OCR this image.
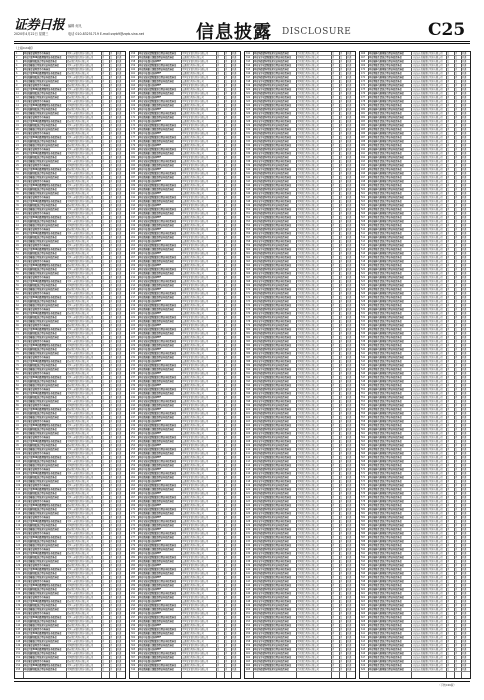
证券日报
2020年4月22日 星期三
编辑 何凡
电话 010-83251719 E-mail:zqrb9@zqrb.sina.net	信息披露 DISCLOSURE	C25
（上接C24版）
1	华安现金富利货币市场基金	中国工商银行股份有限公司	是	否	开通
2	华安沪深300指数增强型证券投资基金	中国建设银行股份有限公司	否	是	开通
3	华安稳健回报混合型证券投资基金	招商银行股份有限公司	是	否	开通
4	华安添颐混合型发起式证券投资基金	中国工商银行股份有限公司	否	是	开通
5	华安现金富利货币市场基金	中国建设银行股份有限公司	是	否	开通
6	华安沪深300指数增强型证券投资基金	招商银行股份有限公司	否	是	开通
7	华安稳健回报混合型证券投资基金	中国工商银行股份有限公司	是	否	开通
8	华安添颐混合型发起式证券投资基金	中国建设银行股份有限公司	否	是	开通
9	华安现金富利货币市场基金	招商银行股份有限公司	是	否	开通
10	华安沪深300指数增强型证券投资基金	中国工商银行股份有限公司	否	是	开通
11	华安稳健回报混合型证券投资基金	中国建设银行股份有限公司	是	否	开通
12	华安添颐混合型发起式证券投资基金	招商银行股份有限公司	否	是	开通
13	华安现金富利货币市场基金	中国工商银行股份有限公司	是	否	开通
14	华安沪深300指数增强型证券投资基金	中国建设银行股份有限公司	否	是	开通
15	华安稳健回报混合型证券投资基金	招商银行股份有限公司	是	否	开通
16	华安添颐混合型发起式证券投资基金	中国工商银行股份有限公司	否	是	开通
17	华安现金富利货币市场基金	中国建设银行股份有限公司	是	否	开通
18	华安沪深300指数增强型证券投资基金	招商银行股份有限公司	否	是	开通
19	华安稳健回报混合型证券投资基金	中国工商银行股份有限公司	是	否	开通
20	华安添颐混合型发起式证券投资基金	中国建设银行股份有限公司	否	是	开通
21	华安现金富利货币市场基金	招商银行股份有限公司	是	否	开通
22	华安沪深300指数增强型证券投资基金	中国工商银行股份有限公司	否	是	开通
23	华安稳健回报混合型证券投资基金	中国建设银行股份有限公司	是	否	开通
24	华安添颐混合型发起式证券投资基金	招商银行股份有限公司	否	是	开通
25	华安现金富利货币市场基金	中国工商银行股份有限公司	是	否	开通
26	华安沪深300指数增强型证券投资基金	中国建设银行股份有限公司	否	是	开通
27	华安稳健回报混合型证券投资基金	招商银行股份有限公司	是	否	开通
28	华安添颐混合型发起式证券投资基金	中国工商银行股份有限公司	否	是	开通
29	华安现金富利货币市场基金	中国建设银行股份有限公司	是	否	开通
30	华安沪深300指数增强型证券投资基金	招商银行股份有限公司	否	是	开通
31	华安稳健回报混合型证券投资基金	中国工商银行股份有限公司	是	否	开通
32	华安添颐混合型发起式证券投资基金	中国建设银行股份有限公司	否	是	开通
33	华安现金富利货币市场基金	招商银行股份有限公司	是	否	开通
34	华安沪深300指数增强型证券投资基金	中国工商银行股份有限公司	否	是	开通
35	华安稳健回报混合型证券投资基金	中国建设银行股份有限公司	是	否	开通
36	华安添颐混合型发起式证券投资基金	招商银行股份有限公司	否	是	开通
37	华安现金富利货币市场基金	中国工商银行股份有限公司	是	否	开通
38	华安沪深300指数增强型证券投资基金	中国建设银行股份有限公司	否	是	开通
39	华安稳健回报混合型证券投资基金	招商银行股份有限公司	是	否	开通
40	华安添颐混合型发起式证券投资基金	中国工商银行股份有限公司	否	是	开通
41	华安现金富利货币市场基金	中国建设银行股份有限公司	是	否	开通
42	华安沪深300指数增强型证券投资基金	招商银行股份有限公司	否	是	开通
43	华安稳健回报混合型证券投资基金	中国工商银行股份有限公司	是	否	开通
44	华安添颐混合型发起式证券投资基金	中国建设银行股份有限公司	否	是	开通
45	华安现金富利货币市场基金	招商银行股份有限公司	是	否	开通
46	华安沪深300指数增强型证券投资基金	中国工商银行股份有限公司	否	是	开通
47	华安稳健回报混合型证券投资基金	中国建设银行股份有限公司	是	否	开通
48	华安添颐混合型发起式证券投资基金	招商银行股份有限公司	否	是	开通
49	华安现金富利货币市场基金	中国工商银行股份有限公司	是	否	开通
50	华安沪深300指数增强型证券投资基金	中国建设银行股份有限公司	否	是	开通
51	华安稳健回报混合型证券投资基金	招商银行股份有限公司	是	否	开通
52	华安添颐混合型发起式证券投资基金	中国工商银行股份有限公司	否	是	开通
53	华安现金富利货币市场基金	中国建设银行股份有限公司	是	否	开通
54	华安沪深300指数增强型证券投资基金	招商银行股份有限公司	否	是	开通
55	华安稳健回报混合型证券投资基金	中国工商银行股份有限公司	是	否	开通
56	华安添颐混合型发起式证券投资基金	中国建设银行股份有限公司	否	是	开通
57	华安现金富利货币市场基金	招商银行股份有限公司	是	否	开通
58	华安沪深300指数增强型证券投资基金	中国工商银行股份有限公司	否	是	开通
59	华安稳健回报混合型证券投资基金	中国建设银行股份有限公司	是	否	开通
60	华安添颐混合型发起式证券投资基金	招商银行股份有限公司	否	是	开通
61	华安现金富利货币市场基金	中国工商银行股份有限公司	是	否	开通
62	华安沪深300指数增强型证券投资基金	中国建设银行股份有限公司	否	是	开通
63	华安稳健回报混合型证券投资基金	招商银行股份有限公司	是	否	开通
64	华安添颐混合型发起式证券投资基金	中国工商银行股份有限公司	否	是	开通
65	华安现金富利货币市场基金	中国建设银行股份有限公司	是	否	开通
66	华安沪深300指数增强型证券投资基金	招商银行股份有限公司	否	是	开通
67	华安稳健回报混合型证券投资基金	中国工商银行股份有限公司	是	否	开通
68	华安添颐混合型发起式证券投资基金	中国建设银行股份有限公司	否	是	开通
69	华安现金富利货币市场基金	招商银行股份有限公司	是	否	开通
70	华安沪深300指数增强型证券投资基金	中国工商银行股份有限公司	否	是	开通
71	华安稳健回报混合型证券投资基金	中国建设银行股份有限公司	是	否	开通
72	华安添颐混合型发起式证券投资基金	招商银行股份有限公司	否	是	开通
73	华安现金富利货币市场基金	中国工商银行股份有限公司	是	否	开通
74	华安沪深300指数增强型证券投资基金	中国建设银行股份有限公司	否	是	开通
75	华安稳健回报混合型证券投资基金	招商银行股份有限公司	是	否	开通
76	华安添颐混合型发起式证券投资基金	中国工商银行股份有限公司	否	是	开通
77	华安现金富利货币市场基金	中国建设银行股份有限公司	是	否	开通
78	华安沪深300指数增强型证券投资基金	招商银行股份有限公司	否	是	开通
79	华安稳健回报混合型证券投资基金	中国工商银行股份有限公司	是	否	开通
80	华安添颐混合型发起式证券投资基金	中国建设银行股份有限公司	否	是	开通
81	华安现金富利货币市场基金	招商银行股份有限公司	是	否	开通
82	华安沪深300指数增强型证券投资基金	中国工商银行股份有限公司	否	是	开通
83	华安稳健回报混合型证券投资基金	中国建设银行股份有限公司	是	否	开通
84	华安添颐混合型发起式证券投资基金	招商银行股份有限公司	否	是	开通
85	华安现金富利货币市场基金	中国工商银行股份有限公司	是	否	开通
86	华安沪深300指数增强型证券投资基金	中国建设银行股份有限公司	否	是	开通
87	华安稳健回报混合型证券投资基金	招商银行股份有限公司	是	否	开通
88	华安添颐混合型发起式证券投资基金	中国工商银行股份有限公司	否	是	开通
89	华安现金富利货币市场基金	中国建设银行股份有限公司	是	否	开通
90	华安沪深300指数增强型证券投资基金	招商银行股份有限公司	否	是	开通
91	华安稳健回报混合型证券投资基金	中国工商银行股份有限公司	是	否	开通
92	华安添颐混合型发起式证券投资基金	中国建设银行股份有限公司	否	是	开通
93	华安现金富利货币市场基金	招商银行股份有限公司	是	否	开通
94	华安沪深300指数增强型证券投资基金	中国工商银行股份有限公司	否	是	开通
95	华安稳健回报混合型证券投资基金	中国建设银行股份有限公司	是	否	开通
96	华安添颐混合型发起式证券投资基金	招商银行股份有限公司	否	是	开通
97	华安现金富利货币市场基金	中国工商银行股份有限公司	是	否	开通
98	华安沪深300指数增强型证券投资基金	中国建设银行股份有限公司	否	是	开通
99	华安稳健回报混合型证券投资基金	招商银行股份有限公司	是	否	开通
100	华安添颐混合型发起式证券投资基金	中国工商银行股份有限公司	否	是	开通
101	华安现金富利货币市场基金	中国建设银行股份有限公司	是	否	开通
102	华安沪深300指数增强型证券投资基金	招商银行股份有限公司	否	是	开通
103	华安稳健回报混合型证券投资基金	中国工商银行股份有限公司	是	否	开通
104	华安添颐混合型发起式证券投资基金	中国建设银行股份有限公司	否	是	开通
105	华安现金富利货币市场基金	招商银行股份有限公司	是	否	开通
106	华安沪深300指数增强型证券投资基金	中国工商银行股份有限公司	否	是	开通
107	华安稳健回报混合型证券投资基金	中国建设银行股份有限公司	是	否	开通
108	华安添颐混合型发起式证券投资基金	招商银行股份有限公司	否	是	开通
109	华安现金富利货币市场基金	中国工商银行股份有限公司	是	否	开通
110	华安沪深300指数增强型证券投资基金	中国建设银行股份有限公司	否	是	开通
111	华安稳健回报混合型证券投资基金	招商银行股份有限公司	是	否	开通
112	华安添颐混合型发起式证券投资基金	中国工商银行股份有限公司	否	是	开通
113	华安现金富利货币市场基金	中国建设银行股份有限公司	是	否	开通
114	华安沪深300指数增强型证券投资基金	招商银行股份有限公司	否	是	开通
115	华安稳健回报混合型证券投资基金	中国工商银行股份有限公司	是	否	开通
116	华安添颐混合型发起式证券投资基金	中国建设银行股份有限公司	否	是	开通
117	华安现金富利货币市场基金	招商银行股份有限公司	是	否	开通
118	华安沪深300指数增强型证券投资基金	中国工商银行股份有限公司	否	是	开通
119	华安稳健回报混合型证券投资基金	中国建设银行股份有限公司	是	否	开通
120	华安添颐混合型发起式证券投资基金	招商银行股份有限公司	否	是	开通
121	华安现金富利货币市场基金	中国工商银行股份有限公司	是	否	开通
122	华安沪深300指数增强型证券投资基金	中国建设银行股份有限公司	否	是	开通
123	华安稳健回报混合型证券投资基金	招商银行股份有限公司	是	否	开通
124	华安添颐混合型发起式证券投资基金	中国工商银行股份有限公司	否	是	开通
125	华安现金富利货币市场基金	中国建设银行股份有限公司	是	否	开通
126	华安沪深300指数增强型证券投资基金	招商银行股份有限公司	否	是	开通
127	华安稳健回报混合型证券投资基金	中国工商银行股份有限公司	是	否	开通
128	华安添颐混合型发起式证券投资基金	中国建设银行股份有限公司	否	是	开通
129	华安现金富利货币市场基金	招商银行股份有限公司	是	否	开通
130	华安沪深300指数增强型证券投资基金	中国工商银行股份有限公司	否	是	开通
131	华安稳健回报混合型证券投资基金	中国建设银行股份有限公司	是	否	开通
132	华安添颐混合型发起式证券投资基金	招商银行股份有限公司	否	是	开通
133	华安现金富利货币市场基金	中国工商银行股份有限公司	是	否	开通
134	华安沪深300指数增强型证券投资基金	中国建设银行股份有限公司	否	是	开通
135	华安稳健回报混合型证券投资基金	招商银行股份有限公司	是	否	开通
136	华安添颐混合型发起式证券投资基金	中国工商银行股份有限公司	否	是	开通
137	华安现金富利货币市场基金	中国建设银行股份有限公司	是	否	开通
138	华安沪深300指数增强型证券投资基金	招商银行股份有限公司	否	是	开通
139	华安稳健回报混合型证券投资基金	中国工商银行股份有限公司	是	否	开通
140	华安添颐混合型发起式证券投资基金	中国建设银行股份有限公司	否	是	开通
141	华安现金富利货币市场基金	招商银行股份有限公司	是	否	开通
142	华安沪深300指数增强型证券投资基金	中国工商银行股份有限公司	否	是	开通
143	华安稳健回报混合型证券投资基金	中国建设银行股份有限公司	是	否	开通
144	华安添颐混合型发起式证券投资基金	招商银行股份有限公司	否	是	开通
145	华安现金富利货币市场基金	中国工商银行股份有限公司	是	否	开通
146	华安沪深300指数增强型证券投资基金	中国建设银行股份有限公司	否	是	开通
147	华安稳健回报混合型证券投资基金	招商银行股份有限公司	是	否	开通
148	华安添颐混合型发起式证券投资基金	中国工商银行股份有限公司	否	是	开通
149	华安现金富利货币市场基金	中国建设银行股份有限公司	是	否	开通
150	华安沪深300指数增强型证券投资基金	招商银行股份有限公司	否	是	开通
151	华安稳健回报混合型证券投资基金	中国工商银行股份有限公司	是	否	开通
152	华安添颐混合型发起式证券投资基金	中国建设银行股份有限公司	否	是	开通
153	华安现金富利货币市场基金	招商银行股份有限公司	是	否	开通
154	华安沪深300指数增强型证券投资基金	中国工商银行股份有限公司	否	是	开通
155	华安稳健回报混合型证券投资基金	中国建设银行股份有限公司	是	否	开通
156	华安安康灵活配置混合型证券投资基金	中国农业银行股份有限公司	是	否	开通
157	华安新丝路主题股票型证券投资基金	交通银行股份有限公司	否	是	开通
158	华安中证细分医药ETF	中国农业银行股份有限公司	是	否	开通
159	华安安康灵活配置混合型证券投资基金	交通银行股份有限公司	否	是	开通
160	华安新丝路主题股票型证券投资基金	中国农业银行股份有限公司	是	否	开通
161	华安中证细分医药ETF	交通银行股份有限公司	否	是	开通
162	华安安康灵活配置混合型证券投资基金	中国农业银行股份有限公司	是	否	开通
163	华安新丝路主题股票型证券投资基金	交通银行股份有限公司	否	是	开通
164	华安中证细分医药ETF	中国农业银行股份有限公司	是	否	开通
165	华安安康灵活配置混合型证券投资基金	交通银行股份有限公司	否	是	开通
166	华安新丝路主题股票型证券投资基金	中国农业银行股份有限公司	是	否	开通
167	华安中证细分医药ETF	交通银行股份有限公司	否	是	开通
168	华安安康灵活配置混合型证券投资基金	中国农业银行股份有限公司	是	否	开通
169	华安新丝路主题股票型证券投资基金	交通银行股份有限公司	否	是	开通
170	华安中证细分医药ETF	中国农业银行股份有限公司	是	否	开通
171	华安安康灵活配置混合型证券投资基金	交通银行股份有限公司	否	是	开通
172	华安新丝路主题股票型证券投资基金	中国农业银行股份有限公司	是	否	开通
173	华安中证细分医药ETF	交通银行股份有限公司	否	是	开通
174	华安安康灵活配置混合型证券投资基金	中国农业银行股份有限公司	是	否	开通
175	华安新丝路主题股票型证券投资基金	交通银行股份有限公司	否	是	开通
176	华安中证细分医药ETF	中国农业银行股份有限公司	是	否	开通
177	华安安康灵活配置混合型证券投资基金	交通银行股份有限公司	否	是	开通
178	华安新丝路主题股票型证券投资基金	中国农业银行股份有限公司	是	否	开通
179	华安中证细分医药ETF	交通银行股份有限公司	否	是	开通
180	华安安康灵活配置混合型证券投资基金	中国农业银行股份有限公司	是	否	开通
181	华安新丝路主题股票型证券投资基金	交通银行股份有限公司	否	是	开通
182	华安中证细分医药ETF	中国农业银行股份有限公司	是	否	开通
183	华安安康灵活配置混合型证券投资基金	交通银行股份有限公司	否	是	开通
184	华安新丝路主题股票型证券投资基金	中国农业银行股份有限公司	是	否	开通
185	华安中证细分医药ETF	交通银行股份有限公司	否	是	开通
186	华安安康灵活配置混合型证券投资基金	中国农业银行股份有限公司	是	否	开通
187	华安新丝路主题股票型证券投资基金	交通银行股份有限公司	否	是	开通
188	华安中证细分医药ETF	中国农业银行股份有限公司	是	否	开通
189	华安安康灵活配置混合型证券投资基金	交通银行股份有限公司	否	是	开通
190	华安新丝路主题股票型证券投资基金	中国农业银行股份有限公司	是	否	开通
191	华安中证细分医药ETF	交通银行股份有限公司	否	是	开通
192	华安安康灵活配置混合型证券投资基金	中国农业银行股份有限公司	是	否	开通
193	华安新丝路主题股票型证券投资基金	交通银行股份有限公司	否	是	开通
194	华安中证细分医药ETF	中国农业银行股份有限公司	是	否	开通
195	华安安康灵活配置混合型证券投资基金	交通银行股份有限公司	否	是	开通
196	华安新丝路主题股票型证券投资基金	中国农业银行股份有限公司	是	否	开通
197	华安中证细分医药ETF	交通银行股份有限公司	否	是	开通
198	华安安康灵活配置混合型证券投资基金	中国农业银行股份有限公司	是	否	开通
199	华安新丝路主题股票型证券投资基金	交通银行股份有限公司	否	是	开通
200	华安中证细分医药ETF	中国农业银行股份有限公司	是	否	开通
201	华安安康灵活配置混合型证券投资基金	交通银行股份有限公司	否	是	开通
202	华安新丝路主题股票型证券投资基金	中国农业银行股份有限公司	是	否	开通
203	华安中证细分医药ETF	交通银行股份有限公司	否	是	开通
204	华安安康灵活配置混合型证券投资基金	中国农业银行股份有限公司	是	否	开通
205	华安新丝路主题股票型证券投资基金	交通银行股份有限公司	否	是	开通
206	华安中证细分医药ETF	中国农业银行股份有限公司	是	否	开通
207	华安安康灵活配置混合型证券投资基金	交通银行股份有限公司	否	是	开通
208	华安新丝路主题股票型证券投资基金	中国农业银行股份有限公司	是	否	开通
209	华安中证细分医药ETF	交通银行股份有限公司	否	是	开通
210	华安安康灵活配置混合型证券投资基金	中国农业银行股份有限公司	是	否	开通
211	华安新丝路主题股票型证券投资基金	交通银行股份有限公司	否	是	开通
212	华安中证细分医药ETF	中国农业银行股份有限公司	是	否	开通
213	华安安康灵活配置混合型证券投资基金	交通银行股份有限公司	否	是	开通
214	华安新丝路主题股票型证券投资基金	中国农业银行股份有限公司	是	否	开通
215	华安中证细分医药ETF	交通银行股份有限公司	否	是	开通
216	华安安康灵活配置混合型证券投资基金	中国农业银行股份有限公司	是	否	开通
217	华安新丝路主题股票型证券投资基金	交通银行股份有限公司	否	是	开通
218	华安中证细分医药ETF	中国农业银行股份有限公司	是	否	开通
219	华安安康灵活配置混合型证券投资基金	交通银行股份有限公司	否	是	开通
220	华安新丝路主题股票型证券投资基金	中国农业银行股份有限公司	是	否	开通
221	华安中证细分医药ETF	交通银行股份有限公司	否	是	开通
222	华安安康灵活配置混合型证券投资基金	中国农业银行股份有限公司	是	否	开通
223	华安新丝路主题股票型证券投资基金	交通银行股份有限公司	否	是	开通
224	华安中证细分医药ETF	中国农业银行股份有限公司	是	否	开通
225	华安安康灵活配置混合型证券投资基金	交通银行股份有限公司	否	是	开通
226	华安新丝路主题股票型证券投资基金	中国农业银行股份有限公司	是	否	开通
227	华安中证细分医药ETF	交通银行股份有限公司	否	是	开通
228	华安安康灵活配置混合型证券投资基金	中国农业银行股份有限公司	是	否	开通
229	华安新丝路主题股票型证券投资基金	交通银行股份有限公司	否	是	开通
230	华安中证细分医药ETF	中国农业银行股份有限公司	是	否	开通
231	华安安康灵活配置混合型证券投资基金	交通银行股份有限公司	否	是	开通
232	华安新丝路主题股票型证券投资基金	中国农业银行股份有限公司	是	否	开通
233	华安中证细分医药ETF	交通银行股份有限公司	否	是	开通
234	华安安康灵活配置混合型证券投资基金	中国农业银行股份有限公司	是	否	开通
235	华安新丝路主题股票型证券投资基金	交通银行股份有限公司	否	是	开通
236	华安中证细分医药ETF	中国农业银行股份有限公司	是	否	开通
237	华安安康灵活配置混合型证券投资基金	交通银行股份有限公司	否	是	开通
238	华安新丝路主题股票型证券投资基金	中国农业银行股份有限公司	是	否	开通
239	华安中证细分医药ETF	交通银行股份有限公司	否	是	开通
240	华安安康灵活配置混合型证券投资基金	中国农业银行股份有限公司	是	否	开通
241	华安新丝路主题股票型证券投资基金	交通银行股份有限公司	否	是	开通
242	华安中证细分医药ETF	中国农业银行股份有限公司	是	否	开通
243	华安安康灵活配置混合型证券投资基金	交通银行股份有限公司	否	是	开通
244	华安新丝路主题股票型证券投资基金	中国农业银行股份有限公司	是	否	开通
245	华安中证细分医药ETF	交通银行股份有限公司	否	是	开通
246	华安安康灵活配置混合型证券投资基金	中国农业银行股份有限公司	是	否	开通
247	华安新丝路主题股票型证券投资基金	交通银行股份有限公司	否	是	开通
248	华安中证细分医药ETF	中国农业银行股份有限公司	是	否	开通
249	华安安康灵活配置混合型证券投资基金	交通银行股份有限公司	否	是	开通
250	华安新丝路主题股票型证券投资基金	中国农业银行股份有限公司	是	否	开通
251	华安中证细分医药ETF	交通银行股份有限公司	否	是	开通
252	华安安康灵活配置混合型证券投资基金	中国农业银行股份有限公司	是	否	开通
253	华安新丝路主题股票型证券投资基金	交通银行股份有限公司	否	是	开通
254	华安中证细分医药ETF	中国农业银行股份有限公司	是	否	开通
255	华安安康灵活配置混合型证券投资基金	交通银行股份有限公司	否	是	开通
256	华安新丝路主题股票型证券投资基金	中国农业银行股份有限公司	是	否	开通
257	华安中证细分医药ETF	交通银行股份有限公司	否	是	开通
258	华安安康灵活配置混合型证券投资基金	中国农业银行股份有限公司	是	否	开通
259	华安新丝路主题股票型证券投资基金	交通银行股份有限公司	否	是	开通
260	华安中证细分医药ETF	中国农业银行股份有限公司	是	否	开通
261	华安安康灵活配置混合型证券投资基金	交通银行股份有限公司	否	是	开通
262	华安新丝路主题股票型证券投资基金	中国农业银行股份有限公司	是	否	开通
263	华安中证细分医药ETF	交通银行股份有限公司	否	是	开通
264	华安安康灵活配置混合型证券投资基金	中国农业银行股份有限公司	是	否	开通
265	华安新丝路主题股票型证券投资基金	交通银行股份有限公司	否	是	开通
266	华安中证细分医药ETF	中国农业银行股份有限公司	是	否	开通
267	华安安康灵活配置混合型证券投资基金	交通银行股份有限公司	否	是	开通
268	华安新丝路主题股票型证券投资基金	中国农业银行股份有限公司	是	否	开通
269	华安中证细分医药ETF	交通银行股份有限公司	否	是	开通
270	华安安康灵活配置混合型证券投资基金	中国农业银行股份有限公司	是	否	开通
271	华安新丝路主题股票型证券投资基金	交通银行股份有限公司	否	是	开通
272	华安中证细分医药ETF	中国农业银行股份有限公司	是	否	开通
273	华安安康灵活配置混合型证券投资基金	交通银行股份有限公司	否	是	开通
274	华安新丝路主题股票型证券投资基金	中国农业银行股份有限公司	是	否	开通
275	华安中证细分医药ETF	交通银行股份有限公司	否	是	开通
276	华安安康灵活配置混合型证券投资基金	中国农业银行股份有限公司	是	否	开通
277	华安新丝路主题股票型证券投资基金	交通银行股份有限公司	否	是	开通
278	华安中证细分医药ETF	中国农业银行股份有限公司	是	否	开通
279	华安安康灵活配置混合型证券投资基金	交通银行股份有限公司	否	是	开通
280	华安新丝路主题股票型证券投资基金	中国农业银行股份有限公司	是	否	开通
281	华安中证细分医药ETF	交通银行股份有限公司	否	是	开通
282	华安安康灵活配置混合型证券投资基金	中国农业银行股份有限公司	是	否	开通
283	华安新丝路主题股票型证券投资基金	交通银行股份有限公司	否	是	开通
284	华安中证细分医药ETF	中国农业银行股份有限公司	是	否	开通
285	华安安康灵活配置混合型证券投资基金	交通银行股份有限公司	否	是	开通
286	华安新丝路主题股票型证券投资基金	中国农业银行股份有限公司	是	否	开通
287	华安中证细分医药ETF	交通银行股份有限公司	否	是	开通
288	华安安康灵活配置混合型证券投资基金	中国农业银行股份有限公司	是	否	开通
289	华安新丝路主题股票型证券投资基金	交通银行股份有限公司	否	是	开通
290	华安中证细分医药ETF	中国农业银行股份有限公司	是	否	开通
291	华安安康灵活配置混合型证券投资基金	交通银行股份有限公司	否	是	开通
292	华安新丝路主题股票型证券投资基金	中国农业银行股份有限公司	是	否	开通
293	华安中证细分医药ETF	交通银行股份有限公司	否	是	开通
294	华安安康灵活配置混合型证券投资基金	中国农业银行股份有限公司	是	否	开通
295	华安新丝路主题股票型证券投资基金	交通银行股份有限公司	否	是	开通
296	华安中证细分医药ETF	中国农业银行股份有限公司	是	否	开通
297	华安安康灵活配置混合型证券投资基金	交通银行股份有限公司	否	是	开通
298	华安新丝路主题股票型证券投资基金	中国农业银行股份有限公司	是	否	开通
299	华安中证细分医药ETF	交通银行股份有限公司	否	是	开通
300	华安安康灵活配置混合型证券投资基金	中国农业银行股份有限公司	是	否	开通
301	华安新丝路主题股票型证券投资基金	交通银行股份有限公司	否	是	开通
302	华安中证细分医药ETF	中国农业银行股份有限公司	是	否	开通
303	华安安康灵活配置混合型证券投资基金	交通银行股份有限公司	否	是	开通
304	华安新丝路主题股票型证券投资基金	中国农业银行股份有限公司	是	否	开通
305	华安中证细分医药ETF	交通银行股份有限公司	否	是	开通
306	华安安康灵活配置混合型证券投资基金	中国农业银行股份有限公司	是	否	开通
307	华安新丝路主题股票型证券投资基金	交通银行股份有限公司	否	是	开通
308	华安中证细分医药ETF	中国农业银行股份有限公司	是	否	开通
309	华安安康灵活配置混合型证券投资基金	交通银行股份有限公司	否	是	开通
310	华安新丝路主题股票型证券投资基金	中国农业银行股份有限公司	是	否	开通
311	华安纯债债券型发起式证券投资基金	兴业银行股份有限公司	是	否	开通
312	华安安享灵活配置混合型证券投资基金	中国银行股份有限公司	否	是	开通
313	华安纯债债券型发起式证券投资基金	兴业银行股份有限公司	是	否	开通
314	华安安享灵活配置混合型证券投资基金	中国银行股份有限公司	否	是	开通
315	华安纯债债券型发起式证券投资基金	兴业银行股份有限公司	是	否	开通
316	华安安享灵活配置混合型证券投资基金	中国银行股份有限公司	否	是	开通
317	华安纯债债券型发起式证券投资基金	兴业银行股份有限公司	是	否	开通
318	华安安享灵活配置混合型证券投资基金	中国银行股份有限公司	否	是	开通
319	华安纯债债券型发起式证券投资基金	兴业银行股份有限公司	是	否	开通
320	华安安享灵活配置混合型证券投资基金	中国银行股份有限公司	否	是	开通
321	华安纯债债券型发起式证券投资基金	兴业银行股份有限公司	是	否	开通
322	华安安享灵活配置混合型证券投资基金	中国银行股份有限公司	否	是	开通
323	华安纯债债券型发起式证券投资基金	兴业银行股份有限公司	是	否	开通
324	华安安享灵活配置混合型证券投资基金	中国银行股份有限公司	否	是	开通
325	华安纯债债券型发起式证券投资基金	兴业银行股份有限公司	是	否	开通
326	华安安享灵活配置混合型证券投资基金	中国银行股份有限公司	否	是	开通
327	华安纯债债券型发起式证券投资基金	兴业银行股份有限公司	是	否	开通
328	华安安享灵活配置混合型证券投资基金	中国银行股份有限公司	否	是	开通
329	华安纯债债券型发起式证券投资基金	兴业银行股份有限公司	是	否	开通
330	华安安享灵活配置混合型证券投资基金	中国银行股份有限公司	否	是	开通
331	华安纯债债券型发起式证券投资基金	兴业银行股份有限公司	是	否	开通
332	华安安享灵活配置混合型证券投资基金	中国银行股份有限公司	否	是	开通
333	华安纯债债券型发起式证券投资基金	兴业银行股份有限公司	是	否	开通
334	华安安享灵活配置混合型证券投资基金	中国银行股份有限公司	否	是	开通
335	华安纯债债券型发起式证券投资基金	兴业银行股份有限公司	是	否	开通
336	华安安享灵活配置混合型证券投资基金	中国银行股份有限公司	否	是	开通
337	华安纯债债券型发起式证券投资基金	兴业银行股份有限公司	是	否	开通
338	华安安享灵活配置混合型证券投资基金	中国银行股份有限公司	否	是	开通
339	华安纯债债券型发起式证券投资基金	兴业银行股份有限公司	是	否	开通
340	华安安享灵活配置混合型证券投资基金	中国银行股份有限公司	否	是	开通
341	华安纯债债券型发起式证券投资基金	兴业银行股份有限公司	是	否	开通
342	华安安享灵活配置混合型证券投资基金	中国银行股份有限公司	否	是	开通
343	华安纯债债券型发起式证券投资基金	兴业银行股份有限公司	是	否	开通
344	华安安享灵活配置混合型证券投资基金	中国银行股份有限公司	否	是	开通
345	华安纯债债券型发起式证券投资基金	兴业银行股份有限公司	是	否	开通
346	华安安享灵活配置混合型证券投资基金	中国银行股份有限公司	否	是	开通
347	华安纯债债券型发起式证券投资基金	兴业银行股份有限公司	是	否	开通
348	华安安享灵活配置混合型证券投资基金	中国银行股份有限公司	否	是	开通
349	华安纯债债券型发起式证券投资基金	兴业银行股份有限公司	是	否	开通
350	华安安享灵活配置混合型证券投资基金	中国银行股份有限公司	否	是	开通
351	华安纯债债券型发起式证券投资基金	兴业银行股份有限公司	是	否	开通
352	华安安享灵活配置混合型证券投资基金	中国银行股份有限公司	否	是	开通
353	华安纯债债券型发起式证券投资基金	兴业银行股份有限公司	是	否	开通
354	华安安享灵活配置混合型证券投资基金	中国银行股份有限公司	否	是	开通
355	华安纯债债券型发起式证券投资基金	兴业银行股份有限公司	是	否	开通
356	华安安享灵活配置混合型证券投资基金	中国银行股份有限公司	否	是	开通
357	华安纯债债券型发起式证券投资基金	兴业银行股份有限公司	是	否	开通
358	华安安享灵活配置混合型证券投资基金	中国银行股份有限公司	否	是	开通
359	华安纯债债券型发起式证券投资基金	兴业银行股份有限公司	是	否	开通
360	华安安享灵活配置混合型证券投资基金	中国银行股份有限公司	否	是	开通
361	华安纯债债券型发起式证券投资基金	兴业银行股份有限公司	是	否	开通
362	华安安享灵活配置混合型证券投资基金	中国银行股份有限公司	否	是	开通
363	华安纯债债券型发起式证券投资基金	兴业银行股份有限公司	是	否	开通
364	华安安享灵活配置混合型证券投资基金	中国银行股份有限公司	否	是	开通
365	华安纯债债券型发起式证券投资基金	兴业银行股份有限公司	是	否	开通
366	华安安享灵活配置混合型证券投资基金	中国银行股份有限公司	否	是	开通
367	华安纯债债券型发起式证券投资基金	兴业银行股份有限公司	是	否	开通
368	华安安享灵活配置混合型证券投资基金	中国银行股份有限公司	否	是	开通
369	华安纯债债券型发起式证券投资基金	兴业银行股份有限公司	是	否	开通
370	华安安享灵活配置混合型证券投资基金	中国银行股份有限公司	否	是	开通
371	华安纯债债券型发起式证券投资基金	兴业银行股份有限公司	是	否	开通
372	华安安享灵活配置混合型证券投资基金	中国银行股份有限公司	否	是	开通
373	华安纯债债券型发起式证券投资基金	兴业银行股份有限公司	是	否	开通
374	华安安享灵活配置混合型证券投资基金	中国银行股份有限公司	否	是	开通
375	华安纯债债券型发起式证券投资基金	兴业银行股份有限公司	是	否	开通
376	华安安享灵活配置混合型证券投资基金	中国银行股份有限公司	否	是	开通
377	华安纯债债券型发起式证券投资基金	兴业银行股份有限公司	是	否	开通
378	华安安享灵活配置混合型证券投资基金	中国银行股份有限公司	否	是	开通
379	华安纯债债券型发起式证券投资基金	兴业银行股份有限公司	是	否	开通
380	华安安享灵活配置混合型证券投资基金	中国银行股份有限公司	否	是	开通
381	华安纯债债券型发起式证券投资基金	兴业银行股份有限公司	是	否	开通
382	华安安享灵活配置混合型证券投资基金	中国银行股份有限公司	否	是	开通
383	华安纯债债券型发起式证券投资基金	兴业银行股份有限公司	是	否	开通
384	华安安享灵活配置混合型证券投资基金	中国银行股份有限公司	否	是	开通
385	华安纯债债券型发起式证券投资基金	兴业银行股份有限公司	是	否	开通
386	华安安享灵活配置混合型证券投资基金	中国银行股份有限公司	否	是	开通
387	华安纯债债券型发起式证券投资基金	兴业银行股份有限公司	是	否	开通
388	华安安享灵活配置混合型证券投资基金	中国银行股份有限公司	否	是	开通
389	华安纯债债券型发起式证券投资基金	兴业银行股份有限公司	是	否	开通
390	华安安享灵活配置混合型证券投资基金	中国银行股份有限公司	否	是	开通
391	华安纯债债券型发起式证券投资基金	兴业银行股份有限公司	是	否	开通
392	华安安享灵活配置混合型证券投资基金	中国银行股份有限公司	否	是	开通
393	华安纯债债券型发起式证券投资基金	兴业银行股份有限公司	是	否	开通
394	华安安享灵活配置混合型证券投资基金	中国银行股份有限公司	否	是	开通
395	华安纯债债券型发起式证券投资基金	兴业银行股份有限公司	是	否	开通
396	华安安享灵活配置混合型证券投资基金	中国银行股份有限公司	否	是	开通
397	华安纯债债券型发起式证券投资基金	兴业银行股份有限公司	是	否	开通
398	华安安享灵活配置混合型证券投资基金	中国银行股份有限公司	否	是	开通
399	华安纯债债券型发起式证券投资基金	兴业银行股份有限公司	是	否	开通
400	华安安享灵活配置混合型证券投资基金	中国银行股份有限公司	否	是	开通
401	华安纯债债券型发起式证券投资基金	兴业银行股份有限公司	是	否	开通
402	华安安享灵活配置混合型证券投资基金	中国银行股份有限公司	否	是	开通
403	华安纯债债券型发起式证券投资基金	兴业银行股份有限公司	是	否	开通
404	华安安享灵活配置混合型证券投资基金	中国银行股份有限公司	否	是	开通
405	华安纯债债券型发起式证券投资基金	兴业银行股份有限公司	是	否	开通
406	华安安享灵活配置混合型证券投资基金	中国银行股份有限公司	否	是	开通
407	华安纯债债券型发起式证券投资基金	兴业银行股份有限公司	是	否	开通
408	华安安享灵活配置混合型证券投资基金	中国银行股份有限公司	否	是	开通
409	华安纯债债券型发起式证券投资基金	兴业银行股份有限公司	是	否	开通
410	华安安享灵活配置混合型证券投资基金	中国银行股份有限公司	否	是	开通
411	华安纯债债券型发起式证券投资基金	兴业银行股份有限公司	是	否	开通
412	华安安享灵活配置混合型证券投资基金	中国银行股份有限公司	否	是	开通
413	华安纯债债券型发起式证券投资基金	兴业银行股份有限公司	是	否	开通
414	华安安享灵活配置混合型证券投资基金	中国银行股份有限公司	否	是	开通
415	华安纯债债券型发起式证券投资基金	兴业银行股份有限公司	是	否	开通
416	华安安享灵活配置混合型证券投资基金	中国银行股份有限公司	否	是	开通
417	华安纯债债券型发起式证券投资基金	兴业银行股份有限公司	是	否	开通
418	华安安享灵活配置混合型证券投资基金	中国银行股份有限公司	否	是	开通
419	华安纯债债券型发起式证券投资基金	兴业银行股份有限公司	是	否	开通
420	华安安享灵活配置混合型证券投资基金	中国银行股份有限公司	否	是	开通
421	华安纯债债券型发起式证券投资基金	兴业银行股份有限公司	是	否	开通
422	华安安享灵活配置混合型证券投资基金	中国银行股份有限公司	否	是	开通
423	华安纯债债券型发起式证券投资基金	兴业银行股份有限公司	是	否	开通
424	华安安享灵活配置混合型证券投资基金	中国银行股份有限公司	否	是	开通
425	华安纯债债券型发起式证券投资基金	兴业银行股份有限公司	是	否	开通
426	华安安享灵活配置混合型证券投资基金	中国银行股份有限公司	否	是	开通
427	华安纯债债券型发起式证券投资基金	兴业银行股份有限公司	是	否	开通
428	华安安享灵活配置混合型证券投资基金	中国银行股份有限公司	否	是	开通
429	华安纯债债券型发起式证券投资基金	兴业银行股份有限公司	是	否	开通
430	华安安享灵活配置混合型证券投资基金	中国银行股份有限公司	否	是	开通
431	华安纯债债券型发起式证券投资基金	兴业银行股份有限公司	是	否	开通
432	华安安享灵活配置混合型证券投资基金	中国银行股份有限公司	否	是	开通
433	华安纯债债券型发起式证券投资基金	兴业银行股份有限公司	是	否	开通
434	华安安享灵活配置混合型证券投资基金	中国银行股份有限公司	否	是	开通
435	华安纯债债券型发起式证券投资基金	兴业银行股份有限公司	是	否	开通
436	华安安享灵活配置混合型证券投资基金	中国银行股份有限公司	否	是	开通
437	华安纯债债券型发起式证券投资基金	兴业银行股份有限公司	是	否	开通
438	华安安享灵活配置混合型证券投资基金	中国银行股份有限公司	否	是	开通
439	华安纯债债券型发起式证券投资基金	兴业银行股份有限公司	是	否	开通
440	华安安享灵活配置混合型证券投资基金	中国银行股份有限公司	否	是	开通
441	华安纯债债券型发起式证券投资基金	兴业银行股份有限公司	是	否	开通
442	华安安享灵活配置混合型证券投资基金	中国银行股份有限公司	否	是	开通
443	华安纯债债券型发起式证券投资基金	兴业银行股份有限公司	是	否	开通
444	华安安享灵活配置混合型证券投资基金	中国银行股份有限公司	否	是	开通
445	华安纯债债券型发起式证券投资基金	兴业银行股份有限公司	是	否	开通
446	华安安享灵活配置混合型证券投资基金	中国银行股份有限公司	否	是	开通
447	华安纯债债券型发起式证券投资基金	兴业银行股份有限公司	是	否	开通
448	华安安享灵活配置混合型证券投资基金	中国银行股份有限公司	否	是	开通
449	华安纯债债券型发起式证券投资基金	兴业银行股份有限公司	是	否	开通
450	华安安享灵活配置混合型证券投资基金	中国银行股份有限公司	否	是	开通
451	华安纯债债券型发起式证券投资基金	兴业银行股份有限公司	是	否	开通
452	华安安享灵活配置混合型证券投资基金	中国银行股份有限公司	否	是	开通
453	华安纯债债券型发起式证券投资基金	兴业银行股份有限公司	是	否	开通
454	华安安享灵活配置混合型证券投资基金	中国银行股份有限公司	否	是	开通
455	华安纯债债券型发起式证券投资基金	兴业银行股份有限公司	是	否	开通
456	华安安享灵活配置混合型证券投资基金	中国银行股份有限公司	否	是	开通
457	华安纯债债券型发起式证券投资基金	兴业银行股份有限公司	是	否	开通
458	华安安享灵活配置混合型证券投资基金	中国银行股份有限公司	否	是	开通
459	华安纯债债券型发起式证券投资基金	兴业银行股份有限公司	是	否	开通
460	华安安享灵活配置混合型证券投资基金	中国银行股份有限公司	否	是	开通
461	华安纯债债券型发起式证券投资基金	兴业银行股份有限公司	是	否	开通
462	华安安享灵活配置混合型证券投资基金	中国银行股份有限公司	否	是	开通
463	华安纯债债券型发起式证券投资基金	兴业银行股份有限公司	是	否	开通
464	华安安享灵活配置混合型证券投资基金	中国银行股份有限公司	否	是	开通
465	华安纯债债券型发起式证券投资基金	兴业银行股份有限公司	是	否	开通
466	华安媒体互联网混合型证券投资基金	上海浦东发展银行股份有限公司	是	否	开通
467	华安智能生活混合型证券投资基金	上海浦东发展银行股份有限公司	否	是	开通
468	华安媒体互联网混合型证券投资基金	上海浦东发展银行股份有限公司	是	否	开通
469	华安智能生活混合型证券投资基金	上海浦东发展银行股份有限公司	否	是	开通
470	华安媒体互联网混合型证券投资基金	上海浦东发展银行股份有限公司	是	否	开通
471	华安智能生活混合型证券投资基金	上海浦东发展银行股份有限公司	否	是	开通
472	华安媒体互联网混合型证券投资基金	上海浦东发展银行股份有限公司	是	否	开通
473	华安智能生活混合型证券投资基金	上海浦东发展银行股份有限公司	否	是	开通
474	华安媒体互联网混合型证券投资基金	上海浦东发展银行股份有限公司	是	否	开通
475	华安智能生活混合型证券投资基金	上海浦东发展银行股份有限公司	否	是	开通
476	华安媒体互联网混合型证券投资基金	上海浦东发展银行股份有限公司	是	否	开通
477	华安智能生活混合型证券投资基金	上海浦东发展银行股份有限公司	否	是	开通
478	华安媒体互联网混合型证券投资基金	上海浦东发展银行股份有限公司	是	否	开通
479	华安智能生活混合型证券投资基金	上海浦东发展银行股份有限公司	否	是	开通
480	华安媒体互联网混合型证券投资基金	上海浦东发展银行股份有限公司	是	否	开通
481	华安智能生活混合型证券投资基金	上海浦东发展银行股份有限公司	否	是	开通
482	华安媒体互联网混合型证券投资基金	上海浦东发展银行股份有限公司	是	否	开通
483	华安智能生活混合型证券投资基金	上海浦东发展银行股份有限公司	否	是	开通
484	华安媒体互联网混合型证券投资基金	上海浦东发展银行股份有限公司	是	否	开通
485	华安智能生活混合型证券投资基金	上海浦东发展银行股份有限公司	否	是	开通
486	华安媒体互联网混合型证券投资基金	上海浦东发展银行股份有限公司	是	否	开通
487	华安智能生活混合型证券投资基金	上海浦东发展银行股份有限公司	否	是	开通
488	华安媒体互联网混合型证券投资基金	上海浦东发展银行股份有限公司	是	否	开通
489	华安智能生活混合型证券投资基金	上海浦东发展银行股份有限公司	否	是	开通
490	华安媒体互联网混合型证券投资基金	上海浦东发展银行股份有限公司	是	否	开通
491	华安智能生活混合型证券投资基金	上海浦东发展银行股份有限公司	否	是	开通
492	华安媒体互联网混合型证券投资基金	上海浦东发展银行股份有限公司	是	否	开通
493	华安智能生活混合型证券投资基金	上海浦东发展银行股份有限公司	否	是	开通
494	华安媒体互联网混合型证券投资基金	上海浦东发展银行股份有限公司	是	否	开通
495	华安智能生活混合型证券投资基金	上海浦东发展银行股份有限公司	否	是	开通
496	华安媒体互联网混合型证券投资基金	上海浦东发展银行股份有限公司	是	否	开通
497	华安智能生活混合型证券投资基金	上海浦东发展银行股份有限公司	否	是	开通
498	华安媒体互联网混合型证券投资基金	上海浦东发展银行股份有限公司	是	否	开通
499	华安智能生活混合型证券投资基金	上海浦东发展银行股份有限公司	否	是	开通
500	华安媒体互联网混合型证券投资基金	上海浦东发展银行股份有限公司	是	否	开通
501	华安智能生活混合型证券投资基金	上海浦东发展银行股份有限公司	否	是	开通
502	华安媒体互联网混合型证券投资基金	上海浦东发展银行股份有限公司	是	否	开通
503	华安智能生活混合型证券投资基金	上海浦东发展银行股份有限公司	否	是	开通
504	华安媒体互联网混合型证券投资基金	上海浦东发展银行股份有限公司	是	否	开通
505	华安智能生活混合型证券投资基金	上海浦东发展银行股份有限公司	否	是	开通
506	华安媒体互联网混合型证券投资基金	上海浦东发展银行股份有限公司	是	否	开通
507	华安智能生活混合型证券投资基金	上海浦东发展银行股份有限公司	否	是	开通
508	华安媒体互联网混合型证券投资基金	上海浦东发展银行股份有限公司	是	否	开通
509	华安智能生活混合型证券投资基金	上海浦东发展银行股份有限公司	否	是	开通
510	华安媒体互联网混合型证券投资基金	上海浦东发展银行股份有限公司	是	否	开通
511	华安智能生活混合型证券投资基金	上海浦东发展银行股份有限公司	否	是	开通
512	华安媒体互联网混合型证券投资基金	上海浦东发展银行股份有限公司	是	否	开通
513	华安智能生活混合型证券投资基金	上海浦东发展银行股份有限公司	否	是	开通
514	华安媒体互联网混合型证券投资基金	上海浦东发展银行股份有限公司	是	否	开通
515	华安智能生活混合型证券投资基金	上海浦东发展银行股份有限公司	否	是	开通
516	华安媒体互联网混合型证券投资基金	上海浦东发展银行股份有限公司	是	否	开通
517	华安智能生活混合型证券投资基金	上海浦东发展银行股份有限公司	否	是	开通
518	华安媒体互联网混合型证券投资基金	上海浦东发展银行股份有限公司	是	否	开通
519	华安智能生活混合型证券投资基金	上海浦东发展银行股份有限公司	否	是	开通
520	华安媒体互联网混合型证券投资基金	上海浦东发展银行股份有限公司	是	否	开通
521	华安智能生活混合型证券投资基金	上海浦东发展银行股份有限公司	否	是	开通
522	华安媒体互联网混合型证券投资基金	上海浦东发展银行股份有限公司	是	否	开通
523	华安智能生活混合型证券投资基金	上海浦东发展银行股份有限公司	否	是	开通
524	华安媒体互联网混合型证券投资基金	上海浦东发展银行股份有限公司	是	否	开通
525	华安智能生活混合型证券投资基金	上海浦东发展银行股份有限公司	否	是	开通
526	华安媒体互联网混合型证券投资基金	上海浦东发展银行股份有限公司	是	否	开通
527	华安智能生活混合型证券投资基金	上海浦东发展银行股份有限公司	否	是	开通
528	华安媒体互联网混合型证券投资基金	上海浦东发展银行股份有限公司	是	否	开通
529	华安智能生活混合型证券投资基金	上海浦东发展银行股份有限公司	否	是	开通
530	华安媒体互联网混合型证券投资基金	上海浦东发展银行股份有限公司	是	否	开通
531	华安智能生活混合型证券投资基金	上海浦东发展银行股份有限公司	否	是	开通
532	华安媒体互联网混合型证券投资基金	上海浦东发展银行股份有限公司	是	否	开通
533	华安智能生活混合型证券投资基金	上海浦东发展银行股份有限公司	否	是	开通
534	华安媒体互联网混合型证券投资基金	上海浦东发展银行股份有限公司	是	否	开通
535	华安智能生活混合型证券投资基金	上海浦东发展银行股份有限公司	否	是	开通
536	华安媒体互联网混合型证券投资基金	上海浦东发展银行股份有限公司	是	否	开通
537	华安智能生活混合型证券投资基金	上海浦东发展银行股份有限公司	否	是	开通
538	华安媒体互联网混合型证券投资基金	上海浦东发展银行股份有限公司	是	否	开通
539	华安智能生活混合型证券投资基金	上海浦东发展银行股份有限公司	否	是	开通
540	华安媒体互联网混合型证券投资基金	上海浦东发展银行股份有限公司	是	否	开通
541	华安智能生活混合型证券投资基金	上海浦东发展银行股份有限公司	否	是	开通
542	华安媒体互联网混合型证券投资基金	上海浦东发展银行股份有限公司	是	否	开通
543	华安智能生活混合型证券投资基金	上海浦东发展银行股份有限公司	否	是	开通
544	华安媒体互联网混合型证券投资基金	上海浦东发展银行股份有限公司	是	否	开通
545	华安智能生活混合型证券投资基金	上海浦东发展银行股份有限公司	否	是	开通
546	华安媒体互联网混合型证券投资基金	上海浦东发展银行股份有限公司	是	否	开通
547	华安智能生活混合型证券投资基金	上海浦东发展银行股份有限公司	否	是	开通
548	华安媒体互联网混合型证券投资基金	上海浦东发展银行股份有限公司	是	否	开通
549	华安智能生活混合型证券投资基金	上海浦东发展银行股份有限公司	否	是	开通
550	华安媒体互联网混合型证券投资基金	上海浦东发展银行股份有限公司	是	否	开通
551	华安智能生活混合型证券投资基金	上海浦东发展银行股份有限公司	否	是	开通
552	华安媒体互联网混合型证券投资基金	上海浦东发展银行股份有限公司	是	否	开通
553	华安智能生活混合型证券投资基金	上海浦东发展银行股份有限公司	否	是	开通
554	华安媒体互联网混合型证券投资基金	上海浦东发展银行股份有限公司	是	否	开通
555	华安智能生活混合型证券投资基金	上海浦东发展银行股份有限公司	否	是	开通
556	华安媒体互联网混合型证券投资基金	上海浦东发展银行股份有限公司	是	否	开通
557	华安智能生活混合型证券投资基金	上海浦东发展银行股份有限公司	否	是	开通
558	华安媒体互联网混合型证券投资基金	上海浦东发展银行股份有限公司	是	否	开通
559	华安智能生活混合型证券投资基金	上海浦东发展银行股份有限公司	否	是	开通
560	华安媒体互联网混合型证券投资基金	上海浦东发展银行股份有限公司	是	否	开通
561	华安智能生活混合型证券投资基金	上海浦东发展银行股份有限公司	否	是	开通
562	华安媒体互联网混合型证券投资基金	上海浦东发展银行股份有限公司	是	否	开通
563	华安智能生活混合型证券投资基金	上海浦东发展银行股份有限公司	否	是	开通
564	华安媒体互联网混合型证券投资基金	上海浦东发展银行股份有限公司	是	否	开通
565	华安智能生活混合型证券投资基金	上海浦东发展银行股份有限公司	否	是	开通
566	华安媒体互联网混合型证券投资基金	上海浦东发展银行股份有限公司	是	否	开通
567	华安智能生活混合型证券投资基金	上海浦东发展银行股份有限公司	否	是	开通
568	华安媒体互联网混合型证券投资基金	上海浦东发展银行股份有限公司	是	否	开通
569	华安智能生活混合型证券投资基金	上海浦东发展银行股份有限公司	否	是	开通
570	华安媒体互联网混合型证券投资基金	上海浦东发展银行股份有限公司	是	否	开通
571	华安智能生活混合型证券投资基金	上海浦东发展银行股份有限公司	否	是	开通
572	华安媒体互联网混合型证券投资基金	上海浦东发展银行股份有限公司	是	否	开通
573	华安智能生活混合型证券投资基金	上海浦东发展银行股份有限公司	否	是	开通
574	华安媒体互联网混合型证券投资基金	上海浦东发展银行股份有限公司	是	否	开通
575	华安智能生活混合型证券投资基金	上海浦东发展银行股份有限公司	否	是	开通
576	华安媒体互联网混合型证券投资基金	上海浦东发展银行股份有限公司	是	否	开通
577	华安智能生活混合型证券投资基金	上海浦东发展银行股份有限公司	否	是	开通
578	华安媒体互联网混合型证券投资基金	上海浦东发展银行股份有限公司	是	否	开通
579	华安智能生活混合型证券投资基金	上海浦东发展银行股份有限公司	否	是	开通
580	华安媒体互联网混合型证券投资基金	上海浦东发展银行股份有限公司	是	否	开通
581	华安智能生活混合型证券投资基金	上海浦东发展银行股份有限公司	否	是	开通
582	华安媒体互联网混合型证券投资基金	上海浦东发展银行股份有限公司	是	否	开通
583	华安智能生活混合型证券投资基金	上海浦东发展银行股份有限公司	否	是	开通
584	华安媒体互联网混合型证券投资基金	上海浦东发展银行股份有限公司	是	否	开通
585	华安智能生活混合型证券投资基金	上海浦东发展银行股份有限公司	否	是	开通
586	华安媒体互联网混合型证券投资基金	上海浦东发展银行股份有限公司	是	否	开通
587	华安智能生活混合型证券投资基金	上海浦东发展银行股份有限公司	否	是	开通
588	华安媒体互联网混合型证券投资基金	上海浦东发展银行股份有限公司	是	否	开通
589	华安智能生活混合型证券投资基金	上海浦东发展银行股份有限公司	否	是	开通
590	华安媒体互联网混合型证券投资基金	上海浦东发展银行股份有限公司	是	否	开通
591	华安智能生活混合型证券投资基金	上海浦东发展银行股份有限公司	否	是	开通
592	华安媒体互联网混合型证券投资基金	上海浦东发展银行股份有限公司	是	否	开通
593	华安智能生活混合型证券投资基金	上海浦东发展银行股份有限公司	否	是	开通
594	华安媒体互联网混合型证券投资基金	上海浦东发展银行股份有限公司	是	否	开通
595	华安智能生活混合型证券投资基金	上海浦东发展银行股份有限公司	否	是	开通
596	华安媒体互联网混合型证券投资基金	上海浦东发展银行股份有限公司	是	否	开通
597	华安智能生活混合型证券投资基金	上海浦东发展银行股份有限公司	否	是	开通
598	华安媒体互联网混合型证券投资基金	上海浦东发展银行股份有限公司	是	否	开通
599	华安智能生活混合型证券投资基金	上海浦东发展银行股份有限公司	否	是	开通
600	华安媒体互联网混合型证券投资基金	上海浦东发展银行股份有限公司	是	否	开通
601	华安智能生活混合型证券投资基金	上海浦东发展银行股份有限公司	否	是	开通
602	华安媒体互联网混合型证券投资基金	上海浦东发展银行股份有限公司	是	否	开通
603	华安智能生活混合型证券投资基金	上海浦东发展银行股份有限公司	否	是	开通
604	华安媒体互联网混合型证券投资基金	上海浦东发展银行股份有限公司	是	否	开通
605	华安智能生活混合型证券投资基金	上海浦东发展银行股份有限公司	否	是	开通
606	华安媒体互联网混合型证券投资基金	上海浦东发展银行股份有限公司	是	否	开通
607	华安智能生活混合型证券投资基金	上海浦东发展银行股份有限公司	否	是	开通
608	华安媒体互联网混合型证券投资基金	上海浦东发展银行股份有限公司	是	否	开通
609	华安智能生活混合型证券投资基金	上海浦东发展银行股份有限公司	否	是	开通
610	华安媒体互联网混合型证券投资基金	上海浦东发展银行股份有限公司	是	否	开通
611	华安智能生活混合型证券投资基金	上海浦东发展银行股份有限公司	否	是	开通
612	华安媒体互联网混合型证券投资基金	上海浦东发展银行股份有限公司	是	否	开通
613	华安智能生活混合型证券投资基金	上海浦东发展银行股份有限公司	否	是	开通
614	华安媒体互联网混合型证券投资基金	上海浦东发展银行股份有限公司	是	否	开通
615	华安智能生活混合型证券投资基金	上海浦东发展银行股份有限公司	否	是	开通
616	华安媒体互联网混合型证券投资基金	上海浦东发展银行股份有限公司	是	否	开通
617	华安智能生活混合型证券投资基金	上海浦东发展银行股份有限公司	否	是	开通
618	华安媒体互联网混合型证券投资基金	上海浦东发展银行股份有限公司	是	否	开通
619	华安智能生活混合型证券投资基金	上海浦东发展银行股份有限公司	否	是	开通
620	华安媒体互联网混合型证券投资基金	上海浦东发展银行股份有限公司	是	否	开通
（下转C26版）
